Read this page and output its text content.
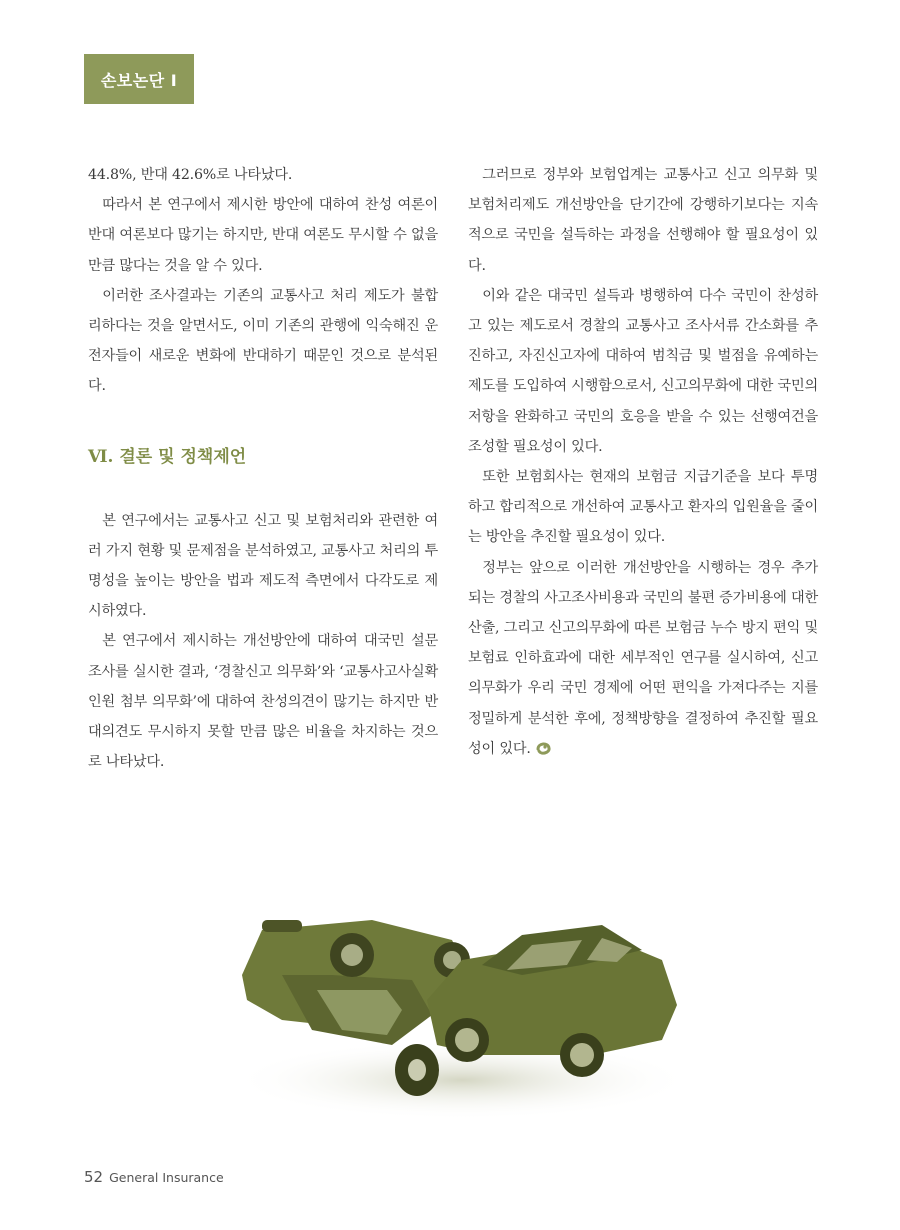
손보논단 Ⅰ

44.8%, 반대 42.6%로 나타났다.

따라서 본 연구에서 제시한 방안에 대하여 찬성 여론이 반대 여론보다 많기는 하지만, 반대 여론도 무시할 수 없을 만큼 많다는 것을 알 수 있다.

이러한 조사결과는 기존의 교통사고 처리 제도가 불합리하다는 것을 알면서도, 이미 기존의 관행에 익숙해진 운전자들이 새로운 변화에 반대하기 때문인 것으로 분석된다.

Ⅵ. 결론 및 정책제언

본 연구에서는 교통사고 신고 및 보험처리와 관련한 여러 가지 현황 및 문제점을 분석하였고, 교통사고 처리의 투명성을 높이는 방안을 법과 제도적 측면에서 다각도로 제시하였다.

본 연구에서 제시하는 개선방안에 대하여 대국민 설문조사를 실시한 결과, ‘경찰신고 의무화’와 ‘교통사고사실확인원 첨부 의무화’에 대하여 찬성의견이 많기는 하지만 반대의견도 무시하지 못할 만큼 많은 비율을 차지하는 것으로 나타났다.

그러므로 정부와 보험업계는 교통사고 신고 의무화 및 보험처리제도 개선방안을 단기간에 강행하기보다는 지속적으로 국민을 설득하는 과정을 선행해야 할 필요성이 있다.

이와 같은 대국민 설득과 병행하여 다수 국민이 찬성하고 있는 제도로서 경찰의 교통사고 조사서류 간소화를 추진하고, 자진신고자에 대하여 범칙금 및 벌점을 유예하는 제도를 도입하여 시행함으로서, 신고의무화에 대한 국민의 저항을 완화하고 국민의 호응을 받을 수 있는 선행여건을 조성할 필요성이 있다.

또한 보험회사는 현재의 보험금 지급기준을 보다 투명하고 합리적으로 개선하여 교통사고 환자의 입원율을 줄이는 방안을 추진할 필요성이 있다.

정부는 앞으로 이러한 개선방안을 시행하는 경우 추가되는 경찰의 사고조사비용과 국민의 불편 증가비용에 대한 산출, 그리고 신고의무화에 따른 보험금 누수 방지 편익 및 보험료 인하효과에 대한 세부적인 연구를 실시하여, 신고의무화가 우리 국민 경제에 어떤 편익을 가져다주는 지를 정밀하게 분석한 후에, 정책방향을 결정하여 추진할 필요성이 있다.

52 General Insurance
